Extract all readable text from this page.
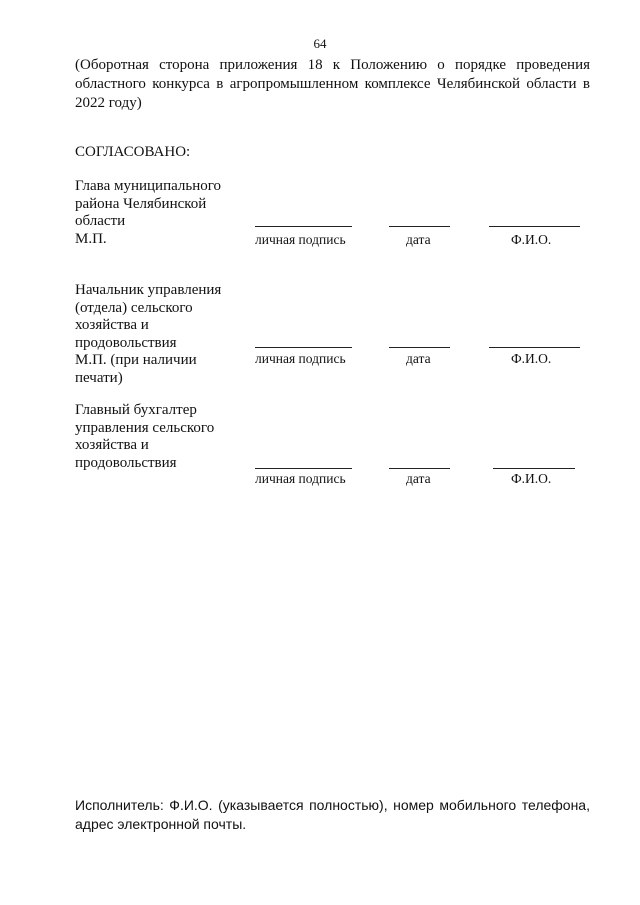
64
(Оборотная сторона приложения 18 к Положению о порядке проведения областного конкурса в агропромышленном комплексе Челябинской области в 2022 году)
СОГЛАСОВАНО:
Глава муниципального
района Челябинской
области
М.П.	личная подпись	дата	Ф.И.О.
Начальник управления
(отдела) сельского
хозяйства и
продовольствия
М.П. (при наличии
печати)
личная подпись	дата	Ф.И.О.
Главный бухгалтер
управления сельского
хозяйства и
продовольствия
личная подпись	дата	Ф.И.О.
Исполнитель: Ф.И.О. (указывается полностью), номер мобильного телефона, адрес электронной почты.
